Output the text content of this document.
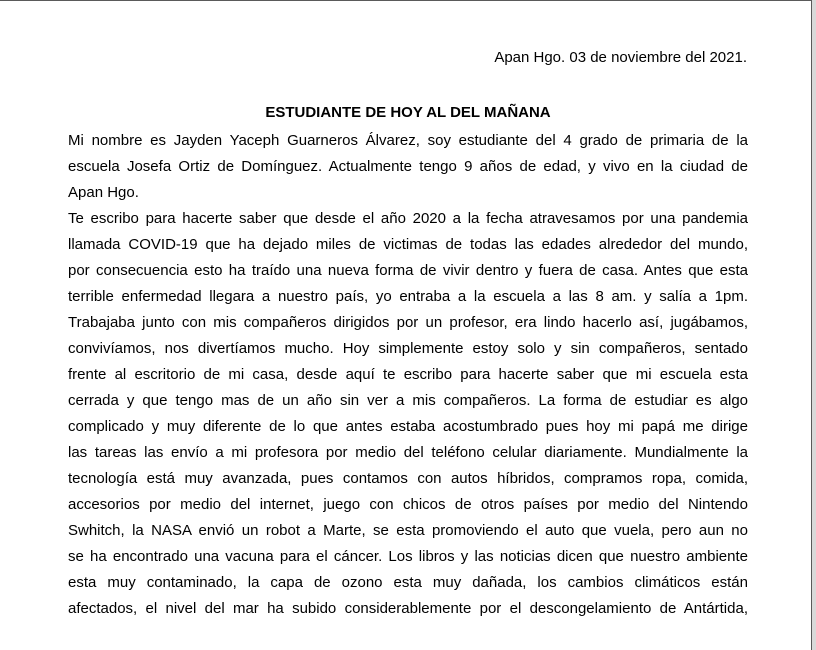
Apan Hgo. 03 de noviembre del 2021.
ESTUDIANTE DE HOY AL DEL MAÑANA

Mi nombre es Jayden Yaceph Guarneros Álvarez, soy estudiante del 4 grado de primaria de la
escuela Josefa Ortiz de Domínguez. Actualmente tengo 9 años de edad, y vivo en la ciudad de
Apan Hgo.

Te escribo para hacerte saber que desde el año 2020 a la fecha atravesamos por una pandemia
llamada COVID-19 que ha dejado miles de victimas de todas las edades alrededor del mundo,
por consecuencia esto ha traído una nueva forma de vivir dentro y fuera de casa. Antes que esta
terrible enfermedad llegara a nuestro país, yo entraba a la escuela a las 8 am. y salía a 1pm.
Trabajaba junto con mis compañeros dirigidos por un profesor, era lindo hacerlo así, jugábamos,
convivíamos, nos divertíamos mucho. Hoy simplemente estoy solo y sin compañeros, sentado
frente al escritorio de mi casa, desde aquí te escribo para hacerte saber que mi escuela esta
cerrada y que tengo mas de un año sin ver a mis compañeros. La forma de estudiar es algo
complicado y muy diferente de lo que antes estaba acostumbrado pues hoy mi papá me dirige
las tareas las envío a mi profesora por medio del teléfono celular diariamente. Mundialmente la
tecnología está muy avanzada, pues contamos con autos híbridos, compramos ropa, comida,
accesorios por medio del internet, juego con chicos de otros países por medio del Nintendo
Swhitch, la NASA envió un robot a Marte, se esta promoviendo el auto que vuela, pero aun no
se ha encontrado una vacuna para el cáncer. Los libros y las noticias dicen que nuestro ambiente
esta muy contaminado, la capa de ozono esta muy dañada, los cambios climáticos están
afectados, el nivel del mar ha subido considerablemente por el descongelamiento de Antártida,
